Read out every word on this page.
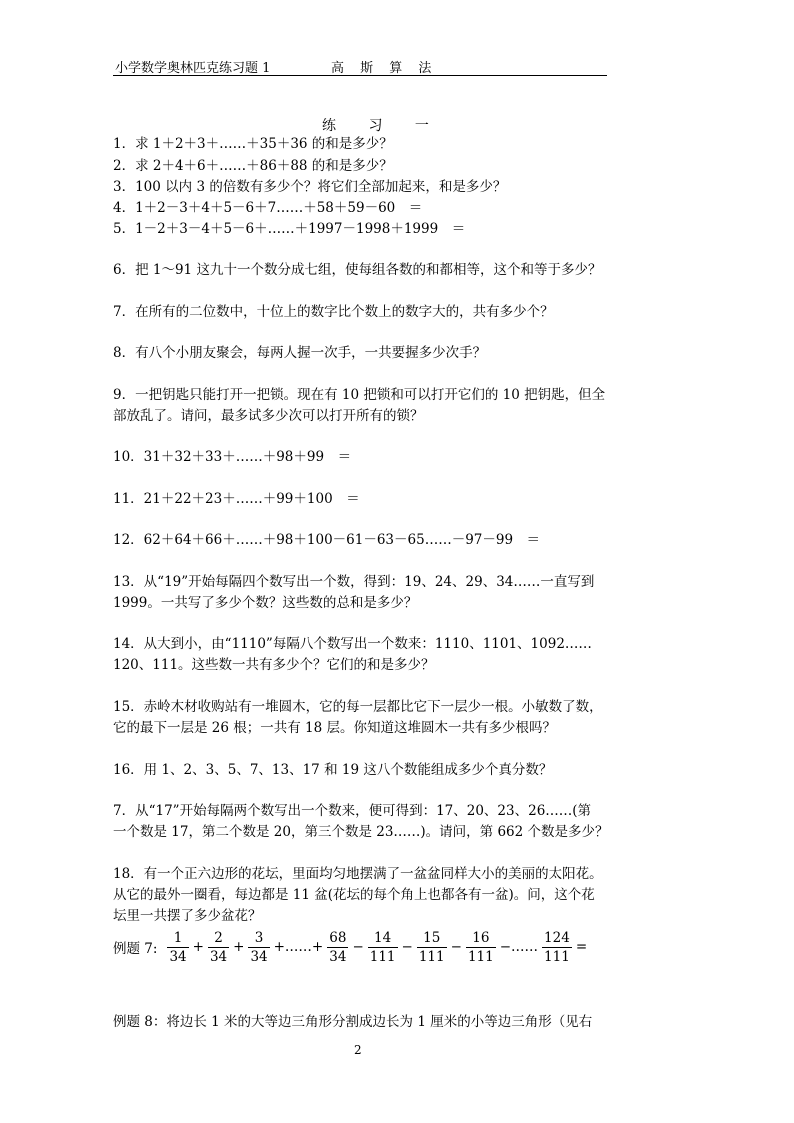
小学数学奥林匹克练习题 1	高 斯 算 法
练 习 一
1．求 1＋2＋3＋……＋35＋36 的和是多少？
2．求 2＋4＋6＋……＋86＋88 的和是多少？
3．100 以内 3 的倍数有多少个？将它们全部加起来，和是多少？
4．1＋2－3＋4＋5－6＋7……＋58＋59－60　＝
5．1－2＋3－4＋5－6＋……＋1997－1998＋1999　＝
6．把 1～91 这九十一个数分成七组，使每组各数的和都相等，这个和等于多少？
7．在所有的二位数中，十位上的数字比个数上的数字大的，共有多少个？
8．有八个小朋友聚会，每两人握一次手，一共要握多少次手？
9．一把钥匙只能打开一把锁。现在有 10 把锁和可以打开它们的 10 把钥匙，但全
部放乱了。请问，最多试多少次可以打开所有的锁？
10．31＋32＋33＋……＋98＋99　＝
11．21＋22＋23＋……＋99＋100　＝
12．62＋64＋66＋……＋98＋100－61－63－65……－97－99　＝
13．从“19”开始每隔四个数写出一个数，得到：19、24、29、34……一直写到
1999。一共写了多少个数？这些数的总和是多少？
14．从大到小，由“1110”每隔八个数写出一个数来：1110、1101、1092……
120、111。这些数一共有多少个？它们的和是多少？
15．赤岭木材收购站有一堆圆木，它的每一层都比它下一层少一根。小敏数了数，
它的最下一层是 26 根；一共有 18 层。你知道这堆圆木一共有多少根吗？
16．用 1、2、3、5、7、13、17 和 19 这八个数能组成多少个真分数？
7．从“17”开始每隔两个数写出一个数来，便可得到：17、20、23、26……(第
一个数是 17，第二个数是 20，第三个数是 23……)。请问，第 662 个数是多少？
18．有一个正六边形的花坛，里面均匀地摆满了一盆盆同样大小的美丽的太阳花。
从它的最外一圈看，每边都是 11 盆(花坛的每个角上也都各有一盆)。问，这个花
坛里一共摆了多少盆花？
例题 7: $\frac{1}{34} + \frac{2}{34} + \frac{3}{34}$ +……+ $\frac{68}{34} - \frac{14}{111} - \frac{15}{111} - \frac{16}{111}$ −…… $\frac{124}{111}$ =
例题 8：将边长 1 米的大等边三角形分割成边长为 1 厘米的小等边三角形（见右
2
